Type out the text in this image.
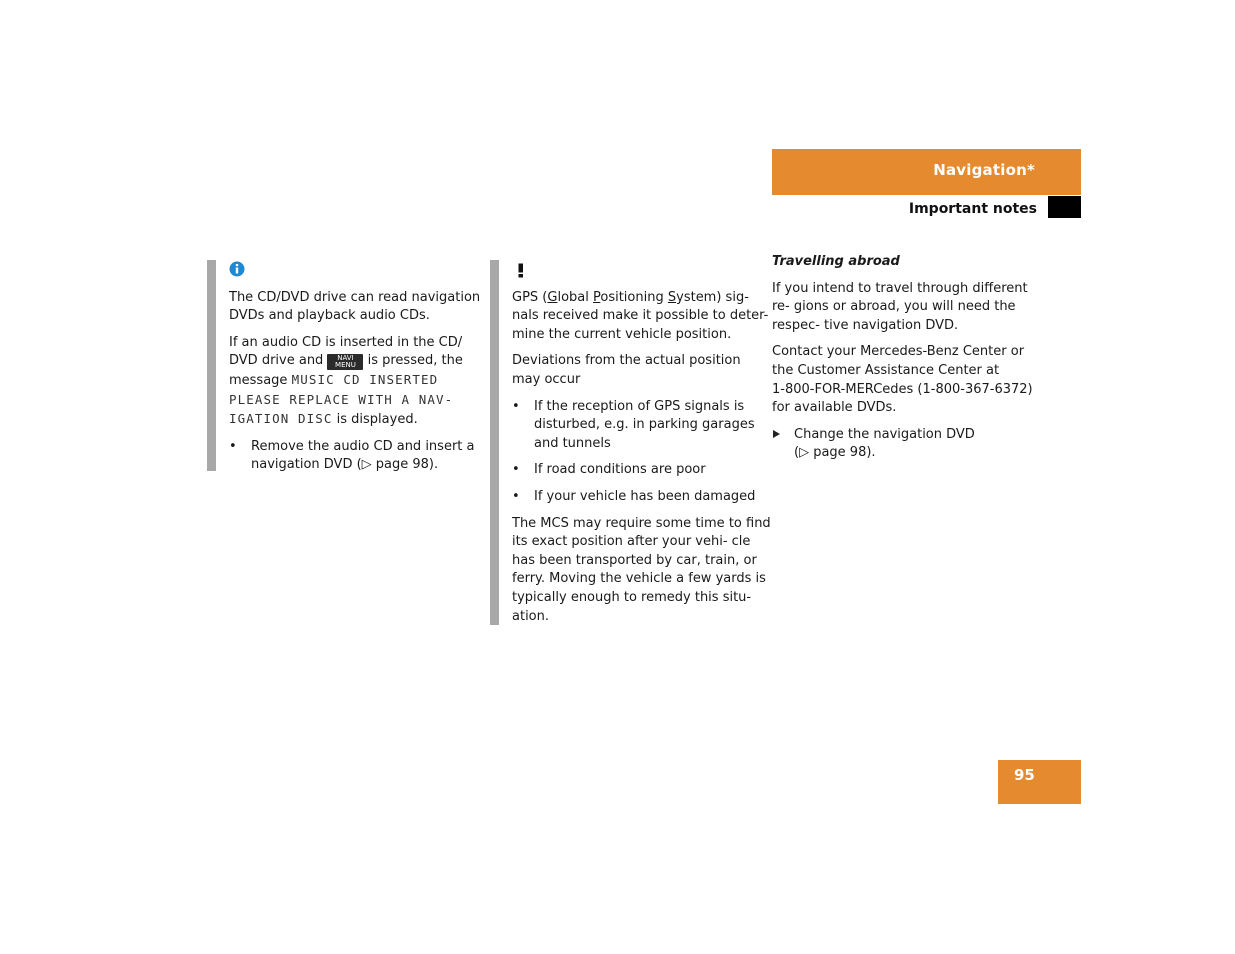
Navigation*
Important notes

The CD/DVD drive can read navigation DVDs and playback audio CDs.

If an audio CD is inserted in the CD/ DVD drive and NAVI
MENU is pressed, the message MUSIC CD INSERTED PLEASE REPLACE WITH A NAV- IGATION DISC is displayed.

• Remove the audio CD and insert a navigation DVD (▷ page 98).

GPS (Global Positioning System) sig- nals received make it possible to deter- mine the current vehicle position.

Deviations from the actual position may occur

• If the reception of GPS signals is disturbed, e.g. in parking garages and tunnels
• If road conditions are poor
• If your vehicle has been damaged

The MCS may require some time to find its exact position after your vehi- cle has been transported by car, train, or ferry. Moving the vehicle a few yards is typically enough to remedy this situ- ation.

Travelling abroad

If you intend to travel through different re- gions or abroad, you will need the respec- tive navigation DVD.

Contact your Mercedes-Benz Center or the Customer Assistance Center at
1-800-FOR-MERCedes (1-800-367-6372) for available DVDs.

Change the navigation DVD
(▷ page 98).
95
